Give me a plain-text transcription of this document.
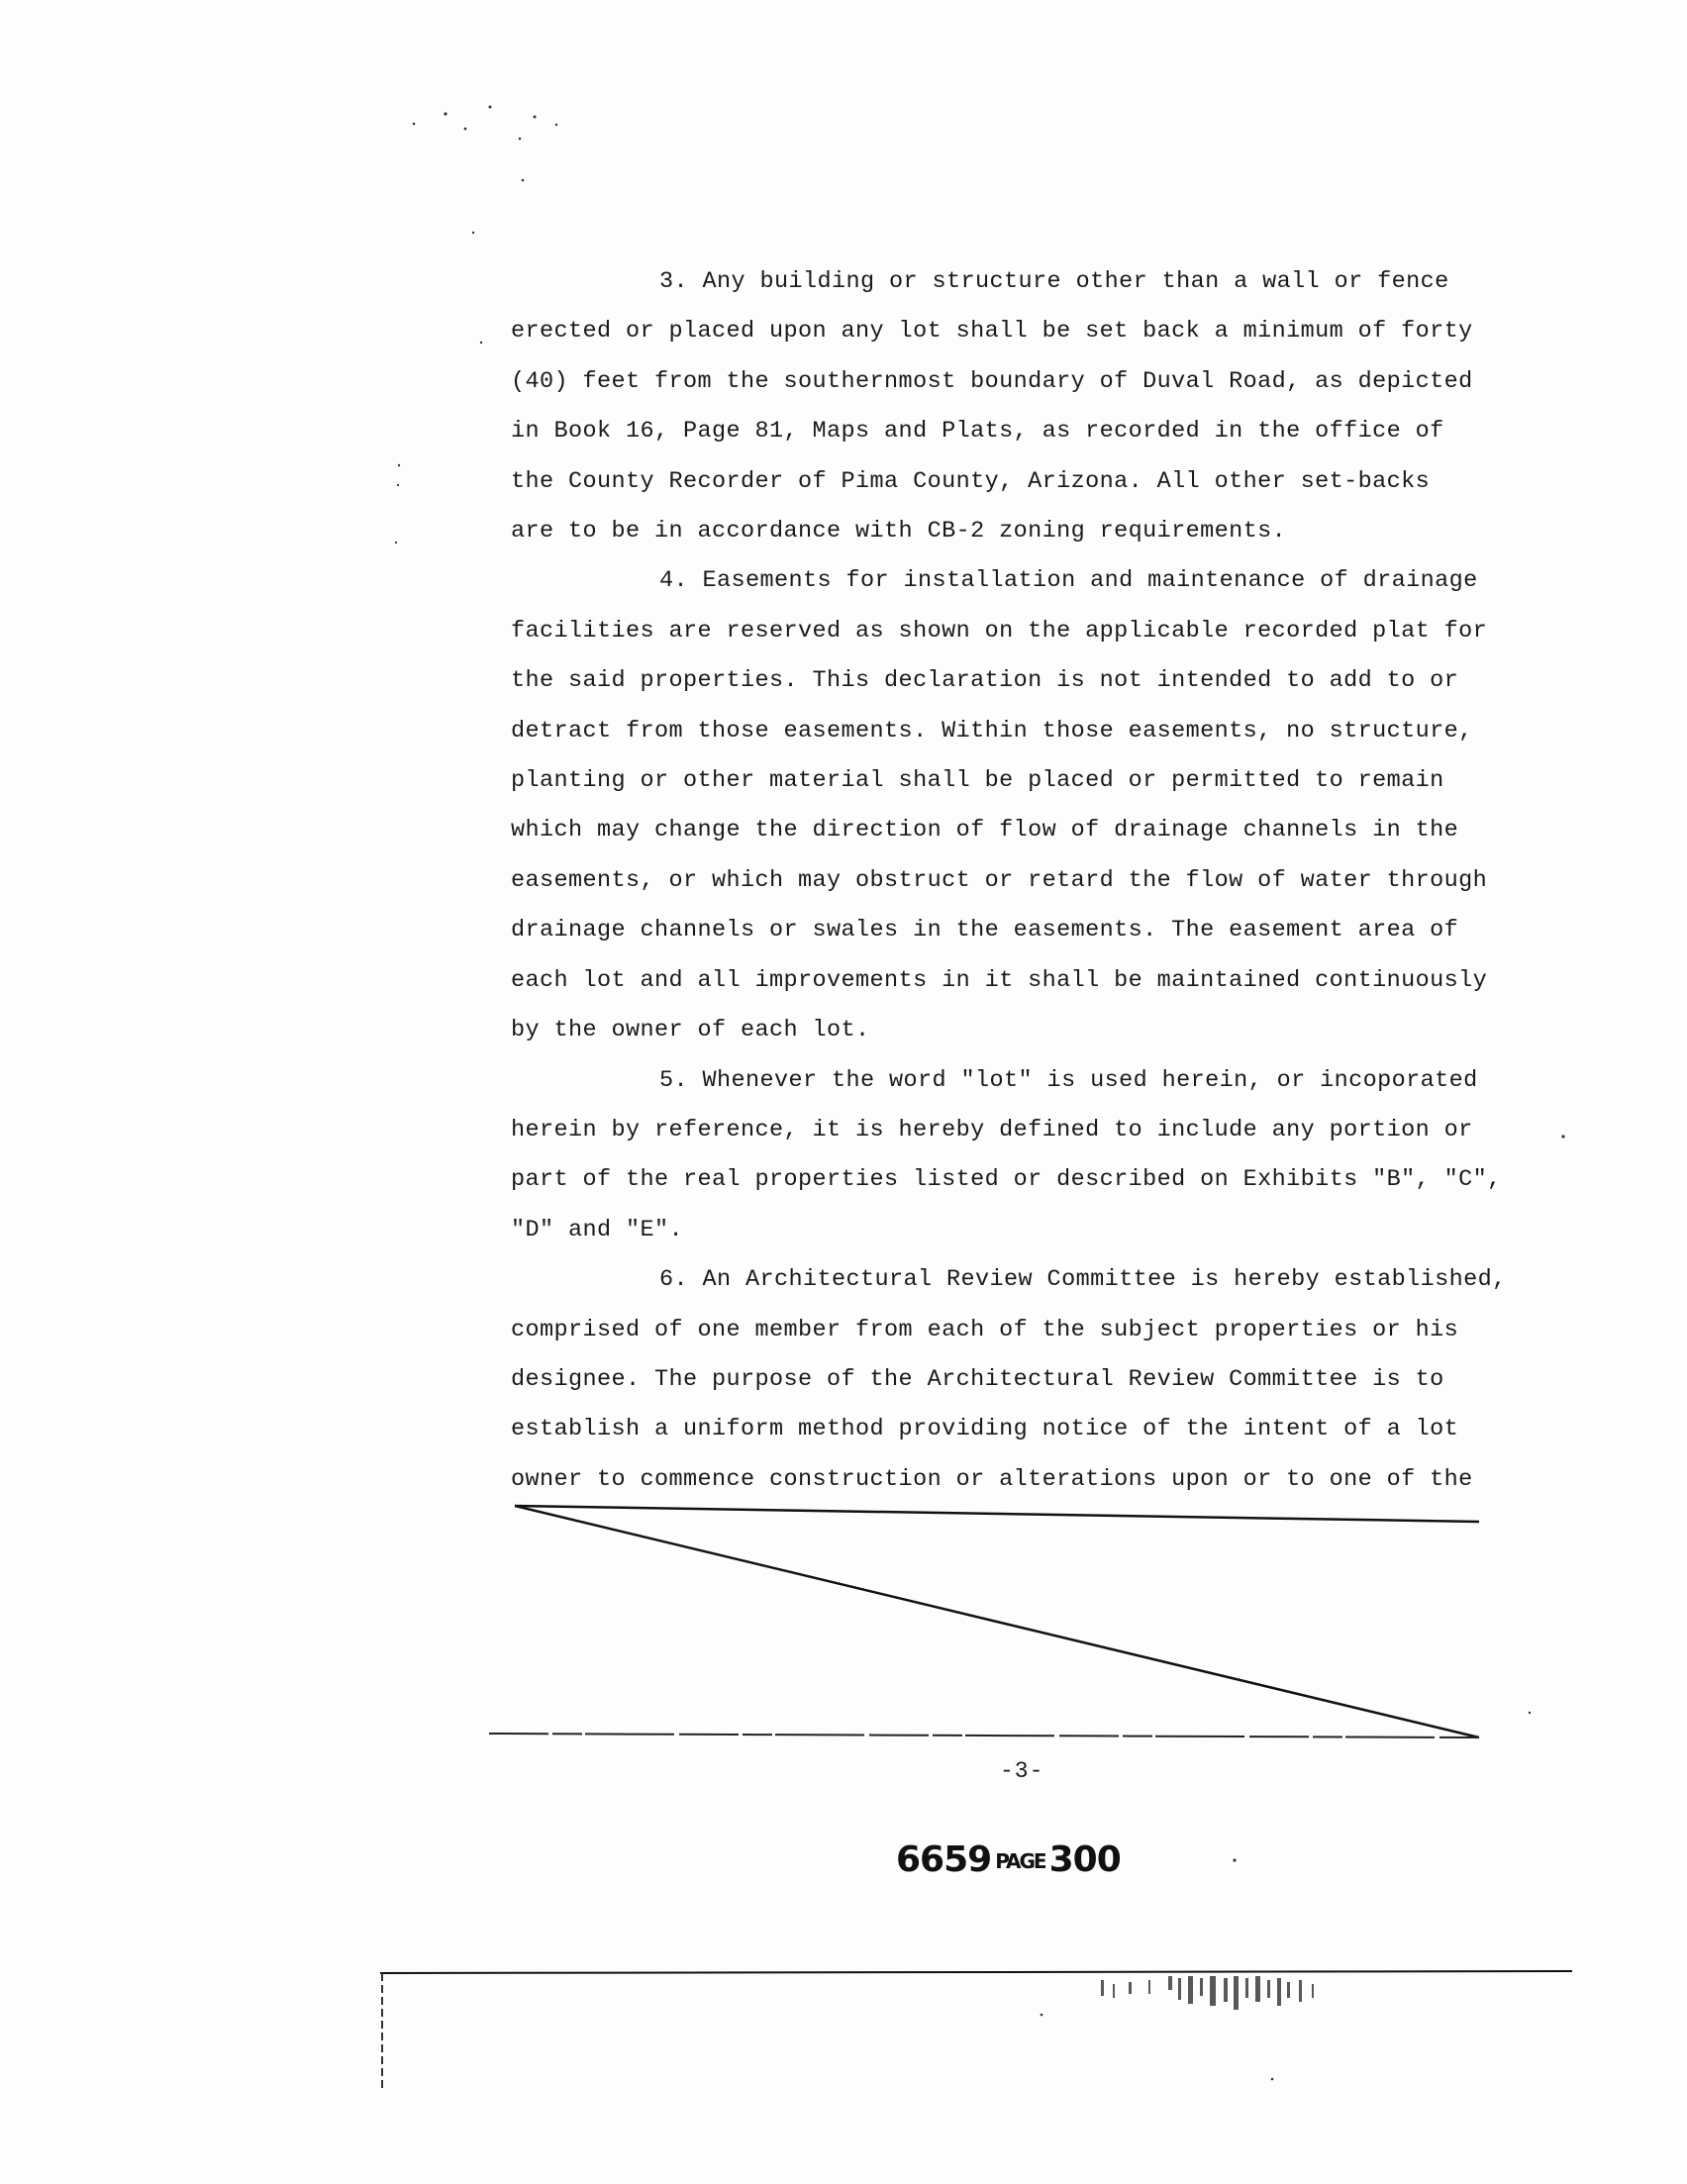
3. Any building or structure other than a wall or fence
erected or placed upon any lot shall be set back a minimum of forty
(40) feet from the southernmost boundary of Duval Road, as depicted
in Book 16, Page 81, Maps and Plats, as recorded in the office of
the County Recorder of Pima County, Arizona. All other set-backs
are to be in accordance with CB-2 zoning requirements.
4. Easements for installation and maintenance of drainage
facilities are reserved as shown on the applicable recorded plat for
the said properties. This declaration is not intended to add to or
detract from those easements. Within those easements, no structure,
planting or other material shall be placed or permitted to remain
which may change the direction of flow of drainage channels in the
easements, or which may obstruct or retard the flow of water through
drainage channels or swales in the easements. The easement area of
each lot and all improvements in it shall be maintained continuously
by the owner of each lot.
5. Whenever the word "lot" is used herein, or incoporated
herein by reference, it is hereby defined to include any portion or
part of the real properties listed or described on Exhibits "B", "C",
"D" and "E".
6. An Architectural Review Committee is hereby established,
comprised of one member from each of the subject properties or his
designee. The purpose of the Architectural Review Committee is to
establish a uniform method providing notice of the intent of a lot
owner to commence construction or alterations upon or to one of the
-3-
6659 PAGE 300
